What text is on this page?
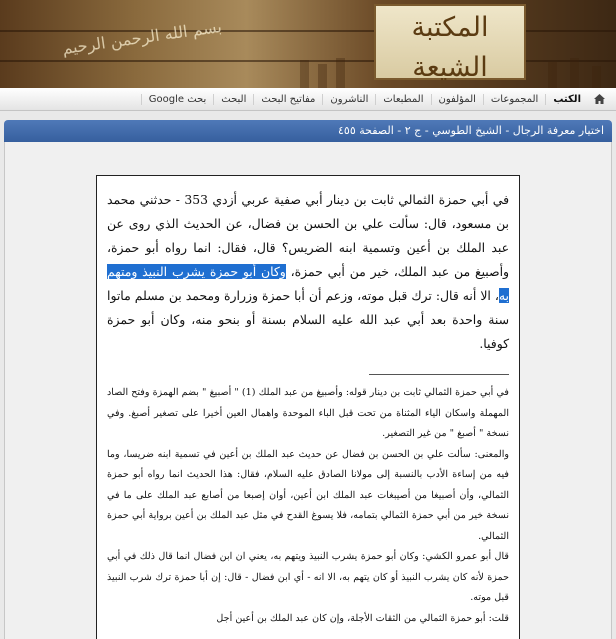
بسم الله الرحمن الرحيم	المكتبة الشيعة
الكتب
المجموعات
المؤلفون
المطبعات
الناشرون
مفاتيح البحث
البحث
بحث Google
اختيار معرفة الرجال - الشيخ الطوسي - ج ٢ - الصفحة ٤٥٥

في أبي حمزة الثمالي ثابت بن دينار أبي صفية عربي أزدي 353 - حدثني محمد بن مسعود، قال: سألت علي بن الحسن بن فضال، عن الحديث الذي روى عن عبد الملك بن أعين وتسمية ابنه الضريس؟ قال، فقال: انما رواه أبو حمزة، وأصبيغ من عبد الملك، خير من أبي حمزة، وكان أبو حمزة يشرب النبيذ ومتهم به، الا أنه قال: ترك قبل موته، وزعم أن أبا حمزة وزرارة ومحمد بن مسلم ماتوا سنة واحدة بعد أبي عبد الله عليه السلام بسنة أو بنحو منه، وكان أبو حمزة كوفيا.

في أبي حمزة الثمالي ثابت بن دينار قوله: وأصبيغ من عبد الملك (1) " أصبيغ " بضم الهمزة وفتح الصاد المهملة واسكان الياء المثناة من تحت قبل الباء الموحدة واهمال العين أخيرا على تصغير أصبغ. وفي نسخة " أصبغ " من غير التصغير.

والمعنى: سألت علي بن الحسن بن فضال عن حديث عبد الملك بن أعين في تسمية ابنه ضريسا، وما فيه من إساءة الأدب بالنسبة إلى مولانا الصادق عليه السلام، فقال: هذا الحديث انما رواه أبو حمزة الثمالي، وأن أصبيغا من أصيبغات عبد الملك ابن أعين، أوان إصبعا من أصابع عبد الملك على ما في نسخة خير من أبي حمزة الثمالي بتمامه، فلا يسوغ القدح في مثل عبد الملك بن أعين برواية أبي حمزة الثمالي.

قال أبو عمرو الكشي: وكان أبو حمزة يشرب النبيذ ويتهم به، يعني ان ابن فضال انما قال ذلك في أبي حمزة لأنه كان يشرب النبيذ أو كان يتهم به، الا انه - أي ابن فضال - قال: إن أبا حمزة ترك شرب النبيذ قبل موته.

قلت: أبو حمزة الثمالي من الثقات الأجلة، وإن كان عبد الملك بن أعين أجل
